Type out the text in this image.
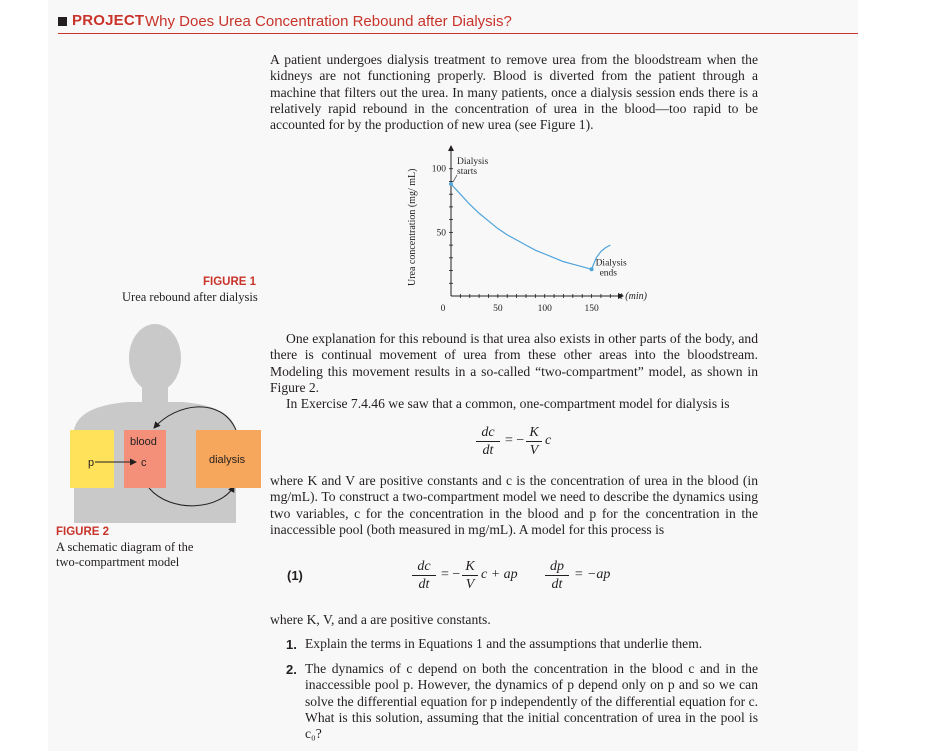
PROJECT Why Does Urea Concentration Rebound after Dialysis?
A patient undergoes dialysis treatment to remove urea from the bloodstream when the kidneys are not functioning properly. Blood is diverted from the patient through a machine that filters out the urea. In many patients, once a dialysis session ends there is a relatively rapid rebound in the concentration of urea in the blood—too rapid to be accounted for by the production of new urea (see Figure 1).
0	50	100	150
50
100
t (min)
Urea concentration (mg/ mL)
Dialysis
starts
Dialysis
ends
FIGURE 1
Urea rebound after dialysis
p
blood
c	dialysis
FIGURE 2
A schematic diagram of the two-compartment model
One explanation for this rebound is that urea also exists in other parts of the body, and there is continual movement of urea from these other areas into the bloodstream. Modeling this movement results in a so-called “two-compartment” model, as shown in Figure 2.
In Exercise 7.4.46 we saw that a common, one-compartment model for dialysis is
$\frac{dc}{dt}$ = − $\frac{K}{V}$ c
where K and V are positive constants and c is the concentration of urea in the blood (in mg/mL). To construct a two-compartment model we need to describe the dynamics using two variables, c for the concentration in the blood and p for the concentration in the inaccessible pool (both measured in mg/mL). A model for this process is
(1)	$\frac{dc}{dt}$ = − $\frac{K}{V}$ c + ap $\frac{dp}{dt} = -ap$
where K, V, and a are positive constants.
1. Explain the terms in Equations 1 and the assumptions that underlie them.
2. The dynamics of c depend on both the concentration in the blood c and in the inaccessible pool p. However, the dynamics of p depend only on p and so we can solve the differential equation for p independently of the differential equation for c. What is this solution, assuming that the initial concentration of urea in the pool is c₀?
